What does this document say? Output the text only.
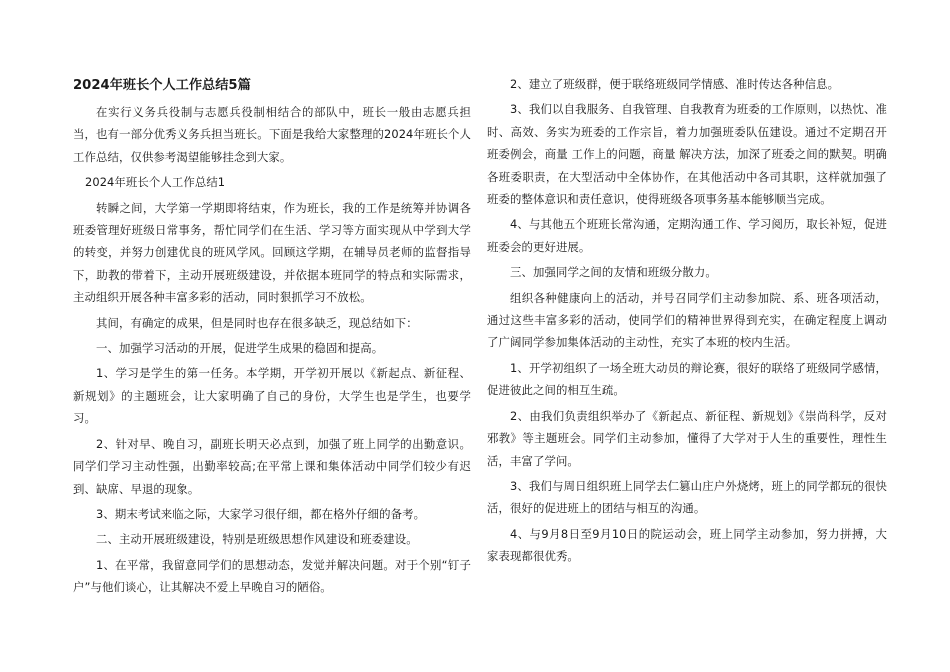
2024年班长个人工作总结5篇

在实行义务兵役制与志愿兵役制相结合的部队中，班长一般由志愿兵担当，也有一部分优秀义务兵担当班长。下面是我给大家整理的2024年班长个人工作总结，仅供参考渴望能够挂念到大家。

2024年班长个人工作总结1

转瞬之间，大学第一学期即将结束，作为班长，我的工作是统筹并协调各班委管理好班级日常事务，帮忙同学们在生活、学习等方面实现从中学到大学的转变，并努力创建优良的班风学风。回顾这学期，在辅导员老师的监督指导下，助教的带着下，主动开展班级建设，并依据本班同学的特点和实际需求，主动组织开展各种丰富多彩的活动，同时狠抓学习不放松。

其间，有确定的成果，但是同时也存在很多缺乏，现总结如下：

一、加强学习活动的开展，促进学生成果的稳固和提高。

1、学习是学生的第一任务。本学期，开学初开展以《新起点、新征程、新规划》的主题班会，让大家明确了自己的身份，大学生也是学生，也要学习。

2、针对早、晚自习，副班长明天必点到，加强了班上同学的出勤意识。同学们学习主动性强，出勤率较高;在平常上课和集体活动中同学们较少有迟到、缺席、早退的现象。

3、期末考试来临之际，大家学习很仔细，都在格外仔细的备考。

二、主动开展班级建设，特别是班级思想作风建设和班委建设。

1、在平常，我留意同学们的思想动态，发觉并解决问题。对于个别“钉子户”与他们谈心，让其解决不爱上早晚自习的陋俗。

2、建立了班级群，便于联络班级同学情感、准时传达各种信息。

3、我们以自我服务、自我管理、自我教育为班委的工作原则，以热忱、准时、高效、务实为班委的工作宗旨，着力加强班委队伍建设。通过不定期召开班委例会，商量 工作上的问题，商量 解决方法，加深了班委之间的默契。明确各班委职责，在大型活动中全体协作，在其他活动中各司其职，这样就加强了班委的整体意识和责任意识，使得班级各项事务基本能够顺当完成。

4、与其他五个班班长常沟通，定期沟通工作、学习阅历，取长补短，促进班委会的更好进展。

三、加强同学之间的友情和班级分散力。

组织各种健康向上的活动，并号召同学们主动参加院、系、班各项活动，通过这些丰富多彩的活动，使同学们的精神世界得到充实，在确定程度上调动了广阔同学参加集体活动的主动性，充实了本班的校内生活。

1、开学初组织了一场全班大动员的辩论赛，很好的联络了班级同学感情，促进彼此之间的相互生疏。

2、由我们负责组织举办了《新起点、新征程、新规划》《崇尚科学，反对邪教》等主题班会。同学们主动参加，懂得了大学对于人生的重要性，理性生活，丰富了学问。

3、我们与周日组织班上同学去仁篡山庄户外烧烤，班上的同学都玩的很快活，很好的促进班上的团结与相互的沟通。

4、与9月8日至9月10日的院运动会，班上同学主动参加，努力拼搏，大家表现都很优秀。
